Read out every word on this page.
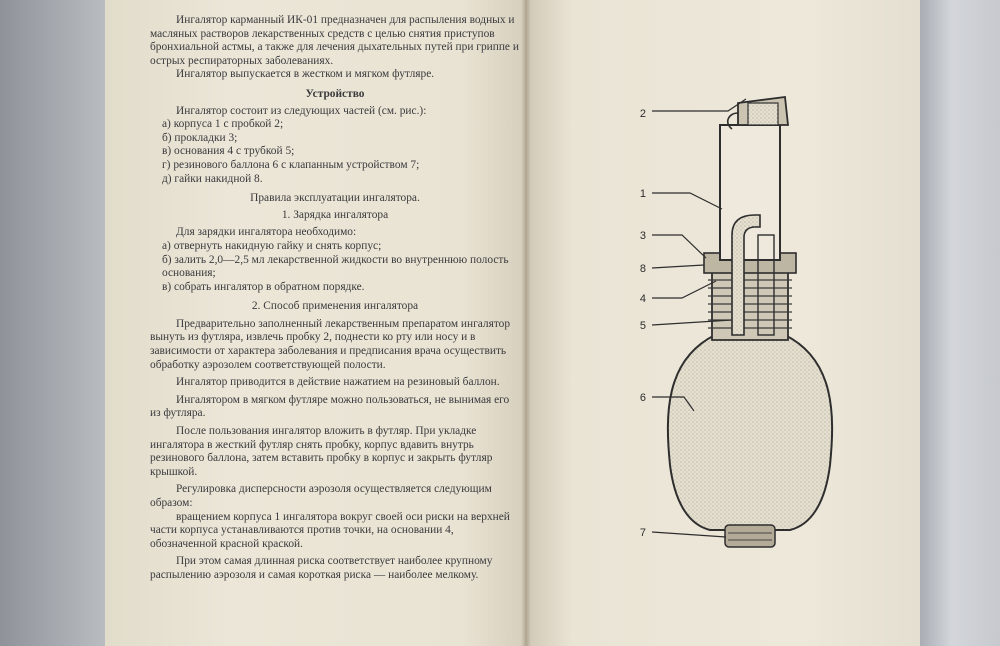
Ингалятор карманный ИК-01 предназначен для распыления водных и масляных растворов лекарственных средств с целью снятия приступов бронхиальной астмы, а также для лечения дыхательных путей при гриппе и острых респираторных заболеваниях.

Ингалятор выпускается в жестком и мягком футляре.

Устройство

Ингалятор состоит из следующих частей (см. рис.):

а) корпуса 1 с пробкой 2;

б) прокладки 3;

в) основания 4 с трубкой 5;

г) резинового баллона 6 с клапанным устройством 7;

д) гайки накидной 8.

Правила эксплуатации ингалятора.

1. Зарядка ингалятора

Для зарядки ингалятора необходимо:

а) отвернуть накидную гайку и снять корпус;

б) залить 2,0—2,5 мл лекарственной жидкости во внутреннюю полость основания;

в) собрать ингалятор в обратном порядке.

2. Способ применения ингалятора

Предварительно заполненный лекарственным препаратом ингалятор вынуть из футляра, извлечь пробку 2, поднести ко рту или носу и в зависимости от характера заболевания и предписания врача осуществить обработку аэрозолем соответствующей полости.

Ингалятор приводится в действие нажатием на резиновый баллон.

Ингалятором в мягком футляре можно пользоваться, не вынимая его из футляра.

После пользования ингалятор вложить в футляр. При укладке ингалятора в жесткий футляр снять пробку, корпус вдавить внутрь резинового баллона, затем вставить пробку в корпус и закрыть футляр крышкой.

Регулировка дисперсности аэрозоля осуществляется следующим образом:

вращением корпуса 1 ингалятора вокруг своей оси риски на верхней части корпуса устанавливаются против точки, на основании 4, обозначенной красной краской.

При этом самая длинная риска соответствует наиболее крупному распылению аэрозоля и самая короткая риска — наиболее мелкому.

2
1
3
8
4
5
6
7
